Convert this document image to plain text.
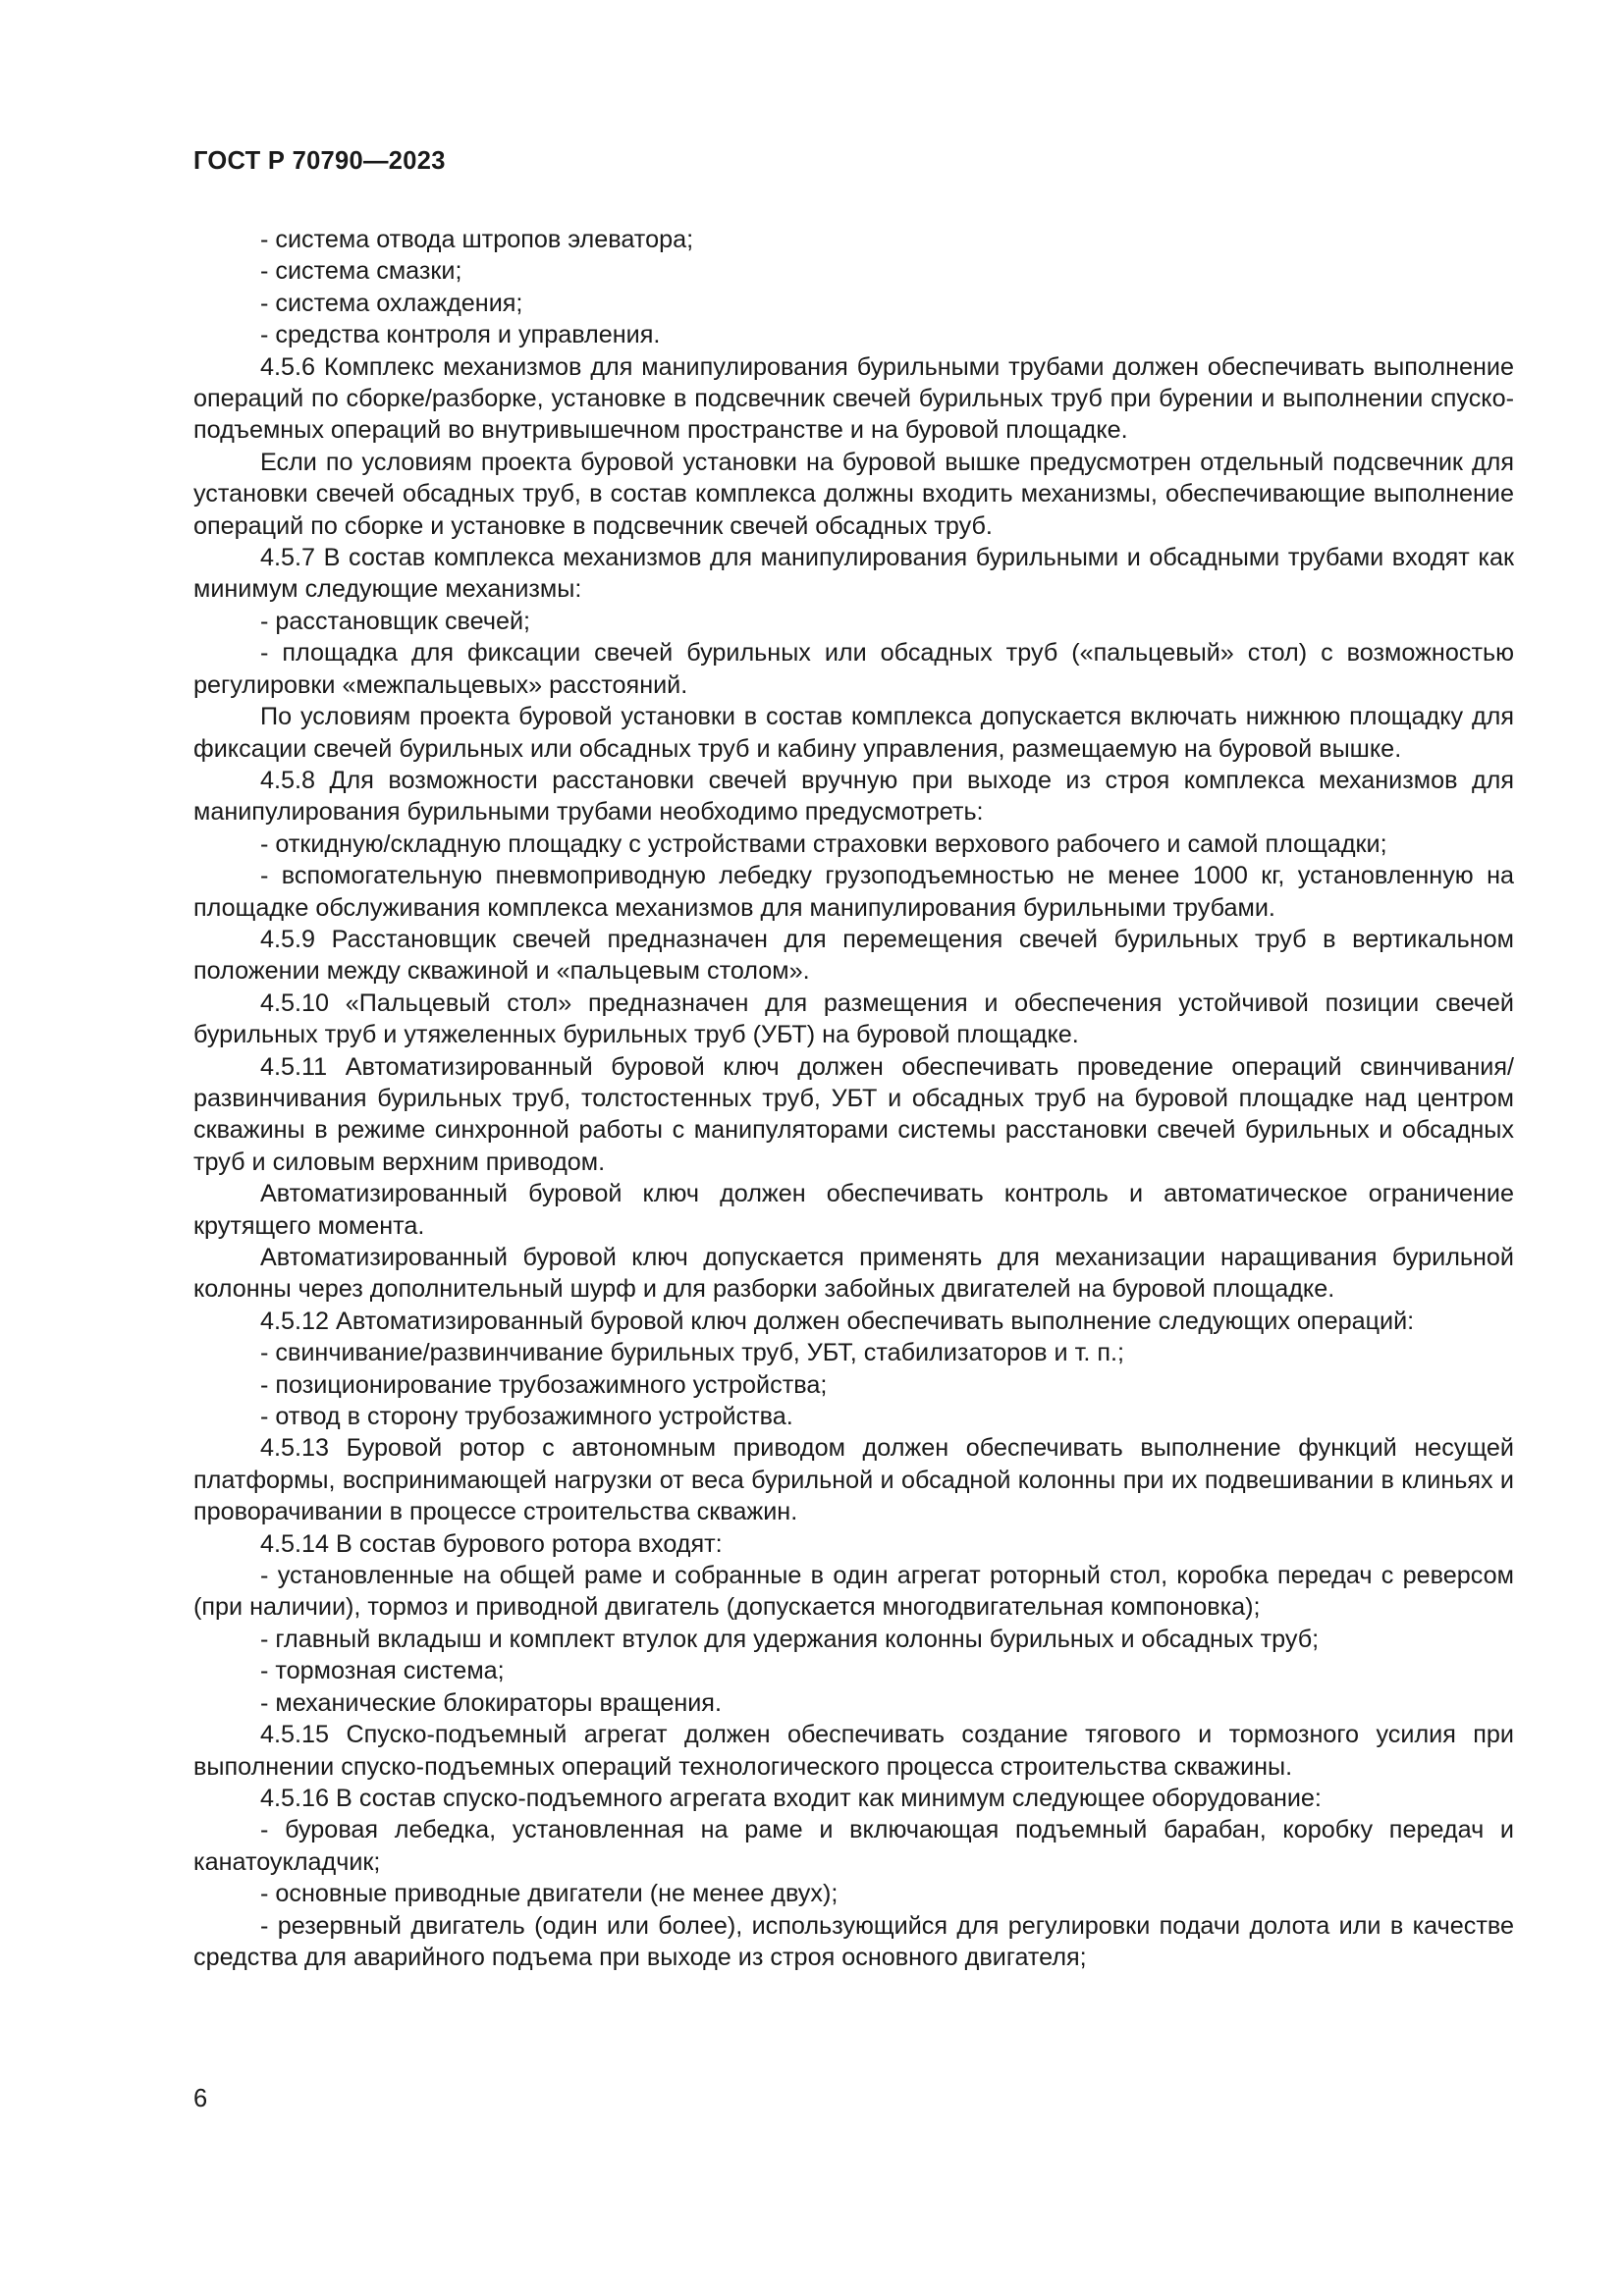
ГОСТ Р 70790—2023

- система отвода штропов элеватора;

- система смазки;

- система охлаждения;

- средства контроля и управления.

4.5.6 Комплекс механизмов для манипулирования бурильными трубами должен обеспечивать выполнение операций по сборке/разборке, установке в подсвечник свечей бурильных труб при бурении и выполнении спуско-подъемных операций во внутривышечном пространстве и на буровой площадке.

Если по условиям проекта буровой установки на буровой вышке предусмотрен отдельный подсвечник для установки свечей обсадных труб, в состав комплекса должны входить механизмы, обеспечивающие выполнение операций по сборке и установке в подсвечник свечей обсадных труб.

4.5.7 В состав комплекса механизмов для манипулирования бурильными и обсадными трубами входят как минимум следующие механизмы:

- расстановщик свечей;

- площадка для фиксации свечей бурильных или обсадных труб («пальцевый» стол) с возможностью регулировки «межпальцевых» расстояний.

По условиям проекта буровой установки в состав комплекса допускается включать нижнюю площадку для фиксации свечей бурильных или обсадных труб и кабину управления, размещаемую на буровой вышке.

4.5.8 Для возможности расстановки свечей вручную при выходе из строя комплекса механизмов для манипулирования бурильными трубами необходимо предусмотреть:

- откидную/складную площадку с устройствами страховки верхового рабочего и самой площадки;

- вспомогательную пневмоприводную лебедку грузоподъемностью не менее 1000 кг, установленную на площадке обслуживания комплекса механизмов для манипулирования бурильными трубами.

4.5.9 Расстановщик свечей предназначен для перемещения свечей бурильных труб в вертикальном положении между скважиной и «пальцевым столом».

4.5.10 «Пальцевый стол» предназначен для размещения и обеспечения устойчивой позиции свечей бурильных труб и утяжеленных бурильных труб (УБТ) на буровой площадке.

4.5.11 Автоматизированный буровой ключ должен обеспечивать проведение операций свинчивания/развинчивания бурильных труб, толстостенных труб, УБТ и обсадных труб на буровой площадке над центром скважины в режиме синхронной работы с манипуляторами системы расстановки свечей бурильных и обсадных труб и силовым верхним приводом.

Автоматизированный буровой ключ должен обеспечивать контроль и автоматическое ограничение крутящего момента.

Автоматизированный буровой ключ допускается применять для механизации наращивания бурильной колонны через дополнительный шурф и для разборки забойных двигателей на буровой площадке.

4.5.12 Автоматизированный буровой ключ должен обеспечивать выполнение следующих операций:

- свинчивание/развинчивание бурильных труб, УБТ, стабилизаторов и т. п.;

- позиционирование трубозажимного устройства;

- отвод в сторону трубозажимного устройства.

4.5.13 Буровой ротор с автономным приводом должен обеспечивать выполнение функций несущей платформы, воспринимающей нагрузки от веса бурильной и обсадной колонны при их подвешивании в клиньях и проворачивании в процессе строительства скважин.

4.5.14 В состав бурового ротора входят:

- установленные на общей раме и собранные в один агрегат роторный стол, коробка передач с реверсом (при наличии), тормоз и приводной двигатель (допускается многодвигательная компоновка);

- главный вкладыш и комплект втулок для удержания колонны бурильных и обсадных труб;

- тормозная система;

- механические блокираторы вращения.

4.5.15 Спуско-подъемный агрегат должен обеспечивать создание тягового и тормозного усилия при выполнении спуско-подъемных операций технологического процесса строительства скважины.

4.5.16 В состав спуско-подъемного агрегата входит как минимум следующее оборудование:

- буровая лебедка, установленная на раме и включающая подъемный барабан, коробку передач и канатоукладчик;

- основные приводные двигатели (не менее двух);

- резервный двигатель (один или более), использующийся для регулировки подачи долота или в качестве средства для аварийного подъема при выходе из строя основного двигателя;

6
